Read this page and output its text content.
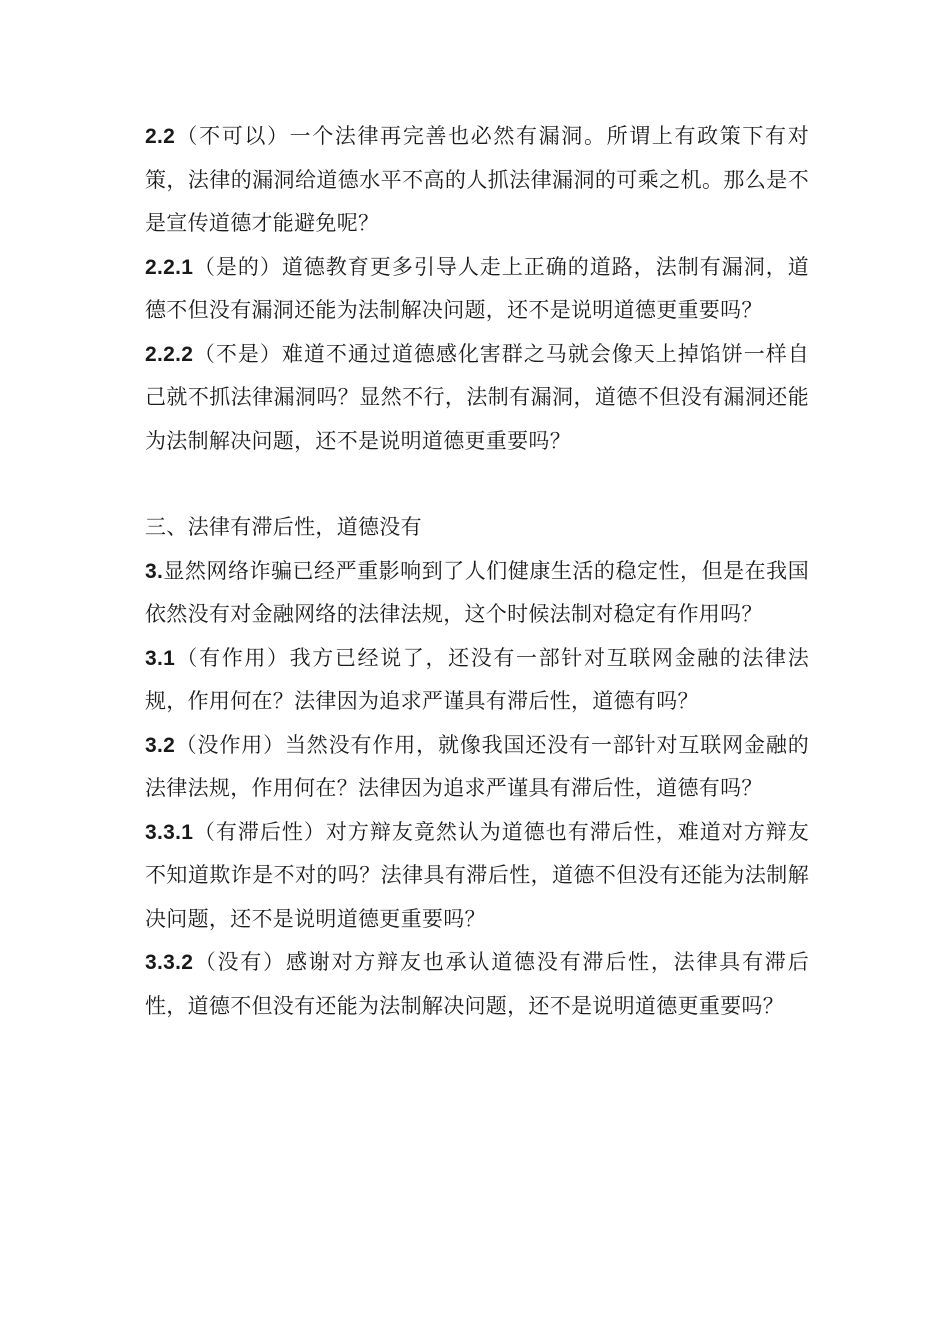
2.2（不可以）一个法律再完善也必然有漏洞。所谓上有政策下有对策，法律的漏洞给道德水平不高的人抓法律漏洞的可乘之机。那么是不是宣传道德才能避免呢？

2.2.1（是的）道德教育更多引导人走上正确的道路，法制有漏洞，道德不但没有漏洞还能为法制解决问题，还不是说明道德更重要吗？

2.2.2（不是）难道不通过道德感化害群之马就会像天上掉馅饼一样自己就不抓法律漏洞吗？显然不行，法制有漏洞，道德不但没有漏洞还能为法制解决问题，还不是说明道德更重要吗？

三、法律有滞后性，道德没有

3.显然网络诈骗已经严重影响到了人们健康生活的稳定性，但是在我国依然没有对金融网络的法律法规，这个时候法制对稳定有作用吗？

3.1（有作用）我方已经说了，还没有一部针对互联网金融的法律法规，作用何在？法律因为追求严谨具有滞后性，道德有吗？

3.2（没作用）当然没有作用，就像我国还没有一部针对互联网金融的法律法规，作用何在？法律因为追求严谨具有滞后性，道德有吗？

3.3.1（有滞后性）对方辩友竟然认为道德也有滞后性，难道对方辩友不知道欺诈是不对的吗？法律具有滞后性，道德不但没有还能为法制解决问题，还不是说明道德更重要吗？

3.3.2（没有）感谢对方辩友也承认道德没有滞后性，法律具有滞后性，道德不但没有还能为法制解决问题，还不是说明道德更重要吗？
